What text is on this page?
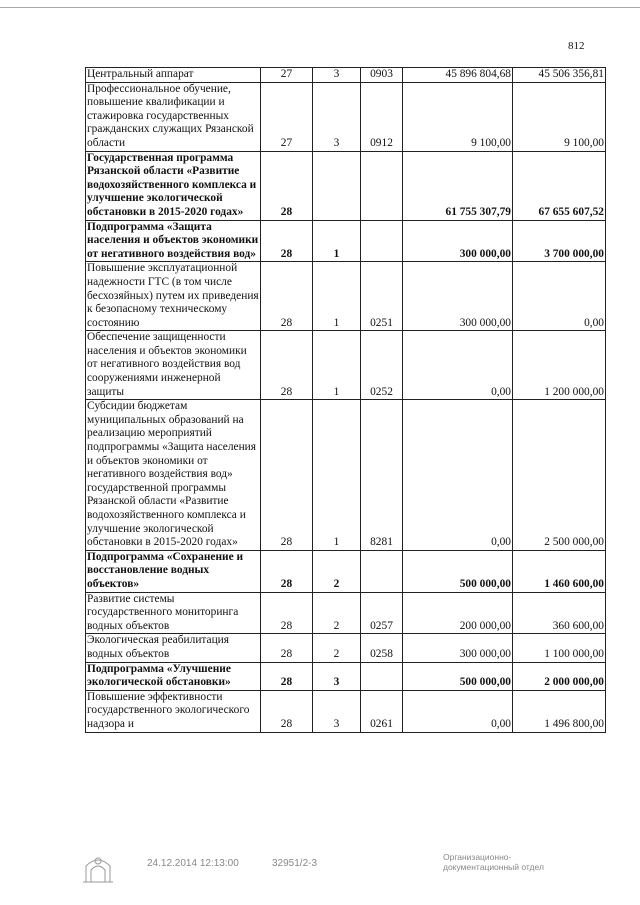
812
Центральный аппарат	27	3	0903	45 896 804,68	45 506 356,81
Профессиональное обучение, повышение квалификации и стажировка государственных гражданских служащих Рязанской области	27	3	0912	9 100,00	9 100,00
Государственная программа Рязанской области «Развитие водохозяйственного комплекса и улучшение экологической обстановки в 2015-2020 годах»	28			61 755 307,79	67 655 607,52
Подпрограмма «Защита населения и объектов экономики от негативного воздействия вод»	28	1		300 000,00	3 700 000,00
Повышение эксплуатационной надежности ГТС (в том числе бесхозяйных) путем их приведения к безопасному техническому состоянию	28	1	0251	300 000,00	0,00
Обеспечение защищенности населения и объектов экономики от негативного воздействия вод сооружениями инженерной защиты	28	1	0252	0,00	1 200 000,00
Субсидии бюджетам муниципальных образований на реализацию мероприятий подпрограммы «Защита населения и объектов экономики от негативного воздействия вод» государственной программы Рязанской области «Развитие водохозяйственного комплекса и улучшение экологической обстановки в 2015-2020 годах»	28	1	8281	0,00	2 500 000,00
Подпрограмма «Сохранение и восстановление водных объектов»	28	2		500 000,00	1 460 600,00
Развитие системы государственного мониторинга водных объектов	28	2	0257	200 000,00	360 600,00
Экологическая реабилитация водных объектов	28	2	0258	300 000,00	1 100 000,00
Подпрограмма «Улучшение экологической обстановки»	28	3		500 000,00	2 000 000,00
Повышение эффективности государственного экологического надзора и	28	3	0261	0,00	1 496 800,00
24.12.2014 12:13:00	32951/2-3
Организационно-
документационный отдел
